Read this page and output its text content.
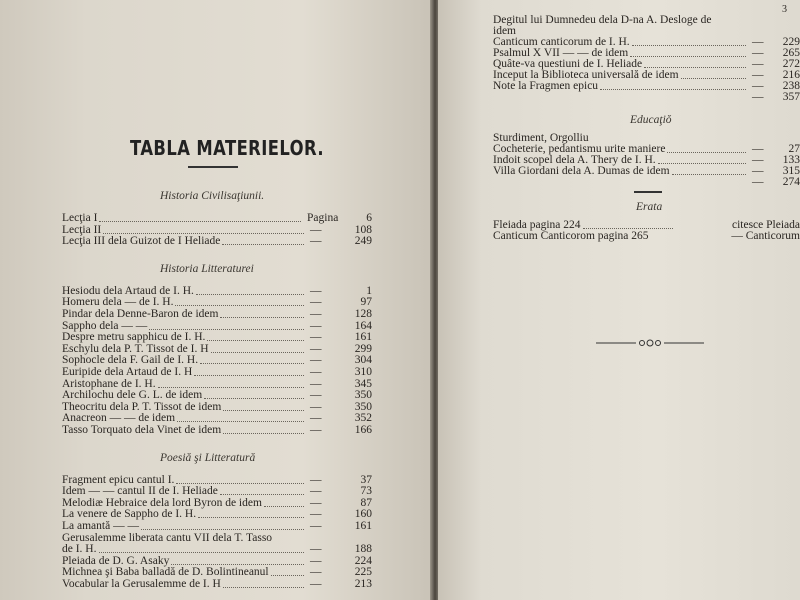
TABLA MATERIELOR.
Historia Civilisaţiunii.
Lecţia I	Pagina 6
Lecţia II	—	108
Lecţia III dela Guizot de I Heliade	—	249
Historia Litteraturei
Hesiodu dela Artaud de I. H.	—	1
Homeru dela — de I. H.	—	97
Pindar dela Denne-Baron de idem	—	128
Sappho dela — —	—	164
Despre metru sapphicu de I. H.	—	161
Eschylu dela P. T. Tissot de I. H	—	299
Sophocle dela F. Gail de I. H.	—	304
Euripide dela Artaud de I. H	—	310
Aristophane de I. H.	—	345
Archilochu dele G. L. de idem	—	350
Theocritu dela P. T. Tissot de idem	—	350
Anacreon — — de idem	—	352
Tasso Torquato dela Vinet de idem	—	166
Poesiă şi Litteratură
Fragment epicu cantul I.	—	37
Idem — — cantul II de I. Heliade	—	73
Melodiæ Hebraice dela lord Byron de idem	—	87
La venere de Sappho de I. H.	—	160
La amantă — —	—	161
Gerusalemme liberata cantu VII dela T. Tasso
de I. H.	—	188
Pleiada de D. G. Asaky	—	224
Michnea şi Baba balladă de D. Bolintineanul	—	225
Vocabular la Gerusalemme de I. H	—	213
Degitul lui Dumnedeu dela D-na A. Desloge de
idem
Canticum canticorum de I. H.	— 229
Psalmul X VII — — de idem	— 265
Quâte-va questiuni de I. Heliade	— 272
Inceput la Biblioteca universală de idem	— 216
Note la Fragmen epicu	— 238
— 357
Educaţiŏ
Sturdiment, Orgolliu
Cocheterie, pedantismu urite maniere	— 27
Indoit scopel dela A. Thery de I. H.	— 133
Villa Giordani dela A. Dumas de idem	— 315
— 274
Erata
Fleiada pagina 224	citesce Pleiada
Canticum Canticorom pagina 265	— Canticorum
3
